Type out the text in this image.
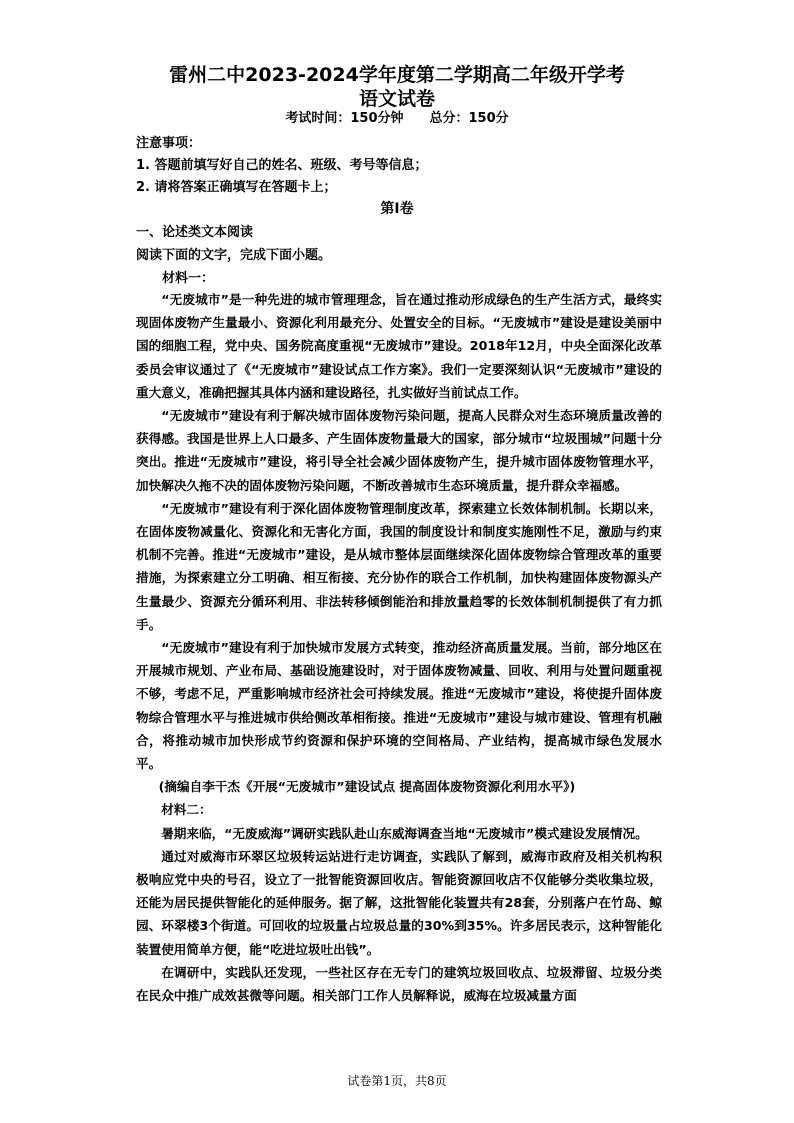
雷州二中2023-2024学年度第二学期高二年级开学考
语文试卷
考试时间：150分钟　　总分：150分
注意事项：
1. 答题前填写好自己的姓名、班级、考号等信息；
2. 请将答案正确填写在答题卡上；
第Ⅰ卷
一、论述类文本阅读
阅读下面的文字，完成下面小题。
材料一：

“无废城市”是一种先进的城市管理理念，旨在通过推动形成绿色的生产生活方式，最终实现固体废物产生量最小、资源化利用最充分、处置安全的目标。“无废城市”建设是建设美丽中国的细胞工程，党中央、国务院高度重视“无废城市”建设。2018年12月，中央全面深化改革委员会审议通过了《“无废城市”建设试点工作方案》。我们一定要深刻认识“无废城市”建设的重大意义，准确把握其具体内涵和建设路径，扎实做好当前试点工作。

“无废城市”建设有利于解决城市固体废物污染问题，提高人民群众对生态环境质量改善的获得感。我国是世界上人口最多、产生固体废物量最大的国家，部分城市“垃圾围城”问题十分突出。推进“无废城市”建设，将引导全社会减少固体废物产生，提升城市固体废物管理水平，加快解决久拖不决的固体废物污染问题，不断改善城市生态环境质量，提升群众幸福感。

“无废城市”建设有利于深化固体废物管理制度改革，探索建立长效体制机制。长期以来，在固体废物减量化、资源化和无害化方面，我国的制度设计和制度实施刚性不足，激励与约束机制不完善。推进“无废城市”建设，是从城市整体层面继续深化固体废物综合管理改革的重要措施，为探索建立分工明确、相互衔接、充分协作的联合工作机制，加快构建固体废物源头产生量最少、资源充分循环利用、非法转移倾倒能治和排放量趋零的长效体制机制提供了有力抓手。

“无废城市”建设有利于加快城市发展方式转变，推动经济高质量发展。当前，部分地区在开展城市规划、产业布局、基础设施建设时，对于固体废物减量、回收、利用与处置问题重视不够，考虑不足，严重影响城市经济社会可持续发展。推进“无废城市”建设，将使提升固体废物综合管理水平与推进城市供给侧改革相衔接。推进“无废城市”建设与城市建设、管理有机融合，将推动城市加快形成节约资源和保护环境的空间格局、产业结构，提高城市绿色发展水平。

(摘编自李干杰《开展“无废城市”建设试点 提高固体废物资源化利用水平》)

材料二：

暑期来临，“无废威海”调研实践队赴山东威海调查当地“无废城市”模式建设发展情况。

通过对威海市环翠区垃圾转运站进行走访调查，实践队了解到，威海市政府及相关机构积极响应党中央的号召，设立了一批智能资源回收店。智能资源回收店不仅能够分类收集垃圾，还能为居民提供智能化的延伸服务。据了解，这批智能化装置共有28套，分别落户在竹岛、鲸园、环翠楼3个街道。可回收的垃圾量占垃圾总量的30%到35%。许多居民表示，这种智能化装置使用简单方便，能“吃进垃圾吐出钱”。

在调研中，实践队还发现，一些社区存在无专门的建筑垃圾回收点、垃圾滞留、垃圾分类在民众中推广成效甚微等问题。相关部门工作人员解释说，威海在垃圾减量方面

试卷第1页，共8页
